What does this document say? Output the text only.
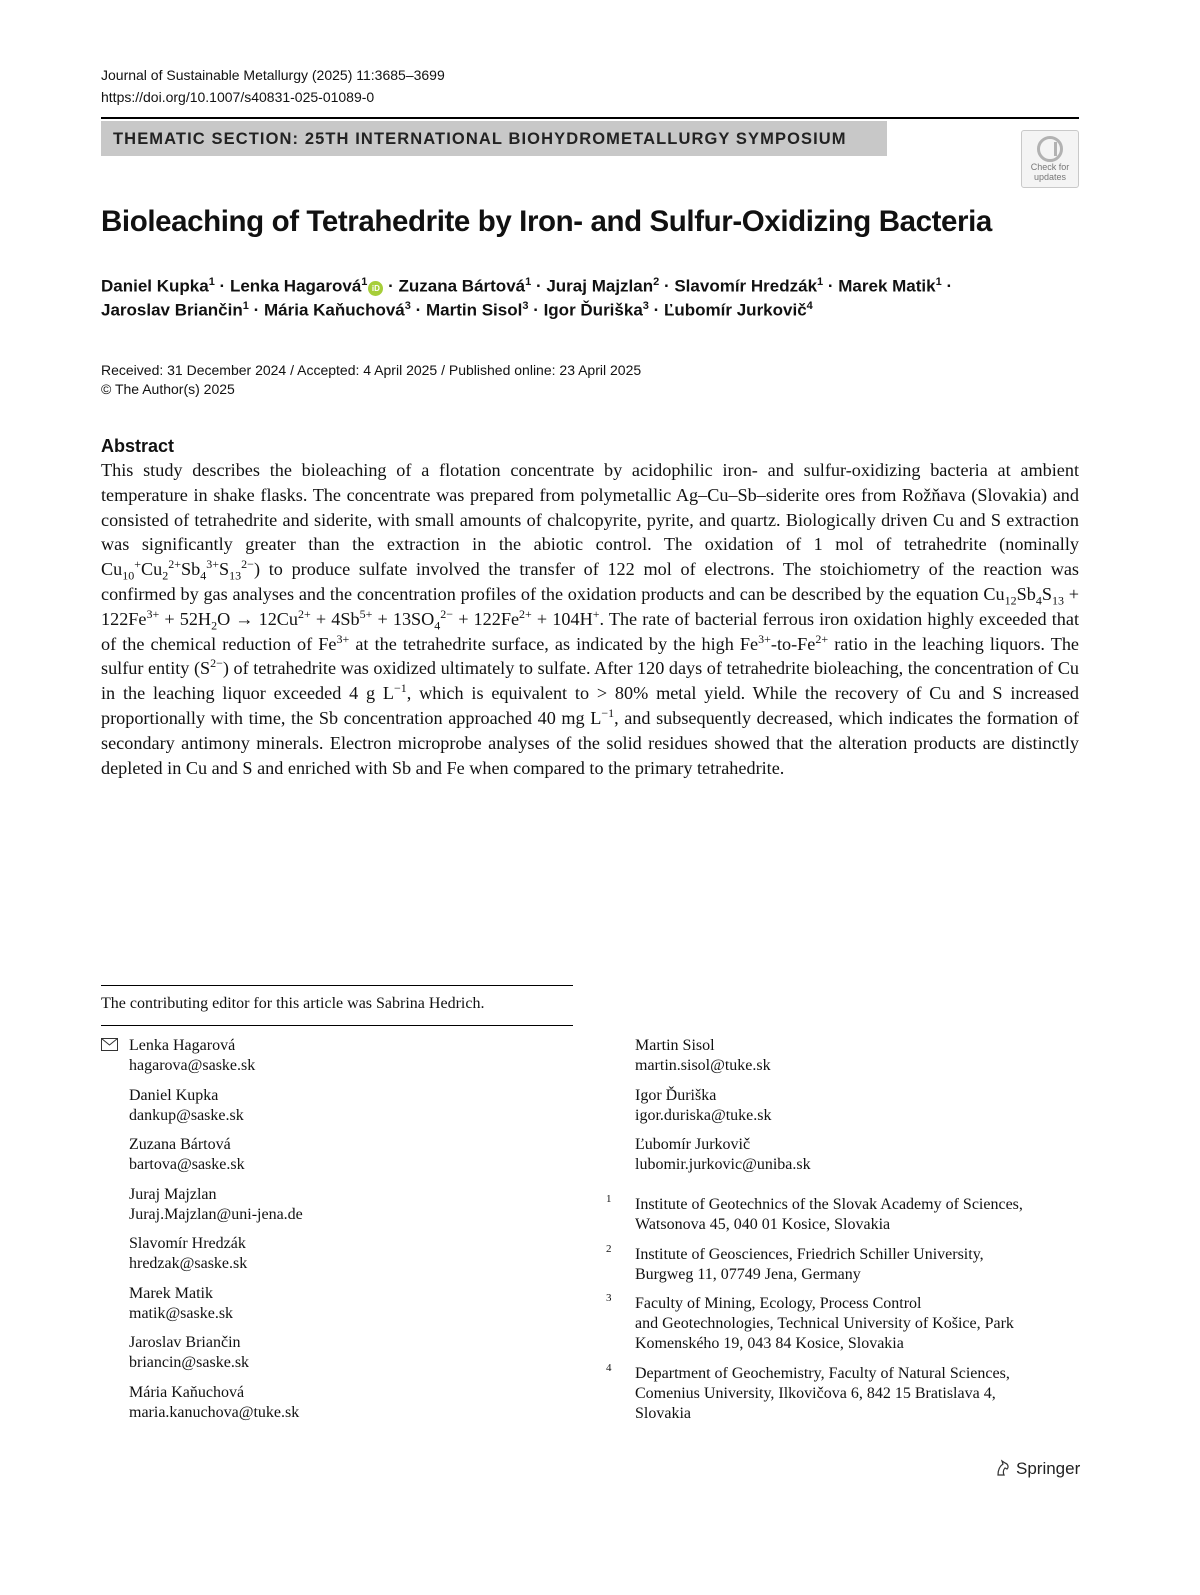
Journal of Sustainable Metallurgy (2025) 11:3685–3699
https://doi.org/10.1007/s40831-025-01089-0
THEMATIC SECTION: 25TH INTERNATIONAL BIOHYDROMETALLURGY SYMPOSIUM
Check for
updates
Bioleaching of Tetrahedrite by Iron- and Sulfur-Oxidizing Bacteria
Daniel Kupka$^1$ · Lenka Hagarová$^1$iD · Zuzana Bártová$^1$ · Juraj Majzlan$^2$ · Slavomír Hredzák$^1$ · Marek Matik$^1$ ·
Jaroslav Briančin$^1$ · Mária Kaňuchová$^3$ · Martin Sisol$^3$ · Igor Ďuriška$^3$ · Ľubomír Jurkovič$^4$
Received: 31 December 2024 / Accepted: 4 April 2025 / Published online: 23 April 2025
© The Author(s) 2025
Abstract

This study describes the bioleaching of a flotation concentrate by acidophilic iron- and sulfur-oxidizing bacteria at ambient temperature in shake flasks. The concentrate was prepared from polymetallic Ag–Cu–Sb–siderite ores from Rožňava (Slovakia) and consisted of tetrahedrite and siderite, with small amounts of chalcopyrite, pyrite, and quartz. Biologically driven Cu and S extraction was significantly greater than the extraction in the abiotic control. The oxidation of 1 mol of tetrahedrite (nominally $Cu_{10}^+Cu_2^{2+}Sb_4^{3+}S_{13}^{2-}$) to produce sulfate involved the transfer of 122 mol of electrons. The stoichiometry of the reaction was confirmed by gas analyses and the concentration profiles of the oxidation products and can be described by the equation $Cu_{12}Sb_4S_{13} + 122Fe^{3+} + 52H_2O \to 12Cu^{2+} + 4Sb^{5+} + 13SO_4^{2-} + 122Fe^{2+} + 104H^+$. The rate of bacterial ferrous iron oxidation highly exceeded that of the chemical reduction of $Fe^{3+}$ at the tetrahedrite surface, as indicated by the high $Fe^{3+}-to-Fe^{2+}$ ratio in the leaching liquors. The sulfur entity $(S^{2-})$ of tetrahedrite was oxidized ultimately to sulfate. After 120 days of tetrahedrite bioleaching, the concentration of Cu in the leaching liquor exceeded 4 g $L^{-1}$, which is equivalent to > 80% metal yield. While the recovery of Cu and S increased proportionally with time, the Sb concentration approached 40 mg $L^{-1}$, and subsequently decreased, which indicates the formation of secondary antimony minerals. Electron microprobe analyses of the solid residues showed that the alteration products are distinctly depleted in Cu and S and enriched with Sb and Fe when compared to the primary tetrahedrite.

The contributing editor for this article was Sabrina Hedrich.
Lenka Hagarová
hagarova@saske.sk
Daniel Kupka
dankup@saske.sk
Zuzana Bártová
bartova@saske.sk
Juraj Majzlan
Juraj.Majzlan@uni-jena.de
Slavomír Hredzák
hredzak@saske.sk
Marek Matik
matik@saske.sk
Jaroslav Briančin
briancin@saske.sk
Mária Kaňuchová
maria.kanuchova@tuke.sk
Martin Sisol
martin.sisol@tuke.sk
Igor Ďuriška
igor.duriska@tuke.sk
Ľubomír Jurkovič
lubomir.jurkovic@uniba.sk
1 Institute of Geotechnics of the Slovak Academy of Sciences,
Watsonova 45, 040 01 Kosice, Slovakia
2 Institute of Geosciences, Friedrich Schiller University,
Burgweg 11, 07749 Jena, Germany
3 Faculty of Mining, Ecology, Process Control
and Geotechnologies, Technical University of Košice, Park
Komenského 19, 043 84 Kosice, Slovakia
4 Department of Geochemistry, Faculty of Natural Sciences,
Comenius University, Ilkovičova 6, 842 15 Bratislava 4,
Slovakia
Springer
